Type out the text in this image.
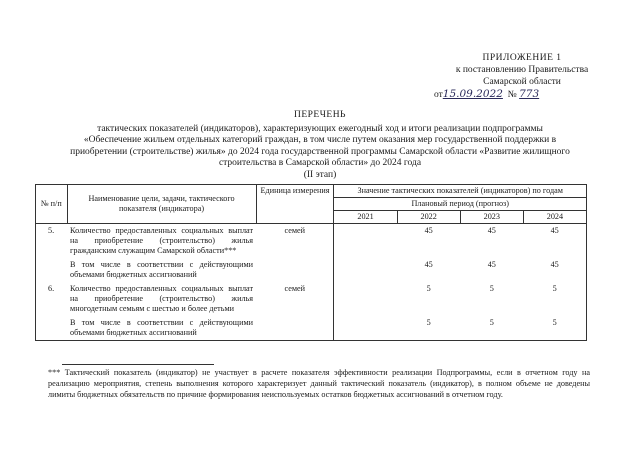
ПРИЛОЖЕНИЕ 1
к постановлению Правительства
Самарской области
от15.09.2022 № 773
ПЕРЕЧЕНЬ
тактических показателей (индикаторов), характеризующих ежегодный ход и итоги реализации подпрограммы
«Обеспечение жильем отдельных категорий граждан, в том числе путем оказания мер государственной поддержки в
приобретении (строительстве) жилья» до 2024 года государственной программы Самарской области «Развитие жилищного
строительства в Самарской области» до 2024 года
(II этап)
№ п/п	Наименование цели, задачи, тактического показателя (индикатора)	Единица измерения	Значение тактических показателей (индикаторов) по годам			
			Плановый период (прогноз)			
			2021	2022	2023	2024
5.	Количество предоставленных социальных выплат на приобретение (строительство) жилья гражданским служащим Самарской области***	семей		45	45	45
	В том числе в соответствии с действующими объемами бюджетных ассигнований			45	45	45
6.	Количество предоставленных социальных выплат на приобретение (строительство) жилья многодетным семьям с шестью и более детьми	семей		5	5	5
	В том числе в соответствии с действующими объемами бюджетных ассигнований			5	5	5
*** Тактический показатель (индикатор) не участвует в расчете показателя эффективности реализации Подпрограммы, если в отчетном году на реализацию мероприятия, степень выполнения которого характеризует данный тактический показатель (индикатор), в полном объеме не доведены лимиты бюджетных обязательств по причине формирования неиспользуемых остатков бюджетных ассигнований в отчетном году.
